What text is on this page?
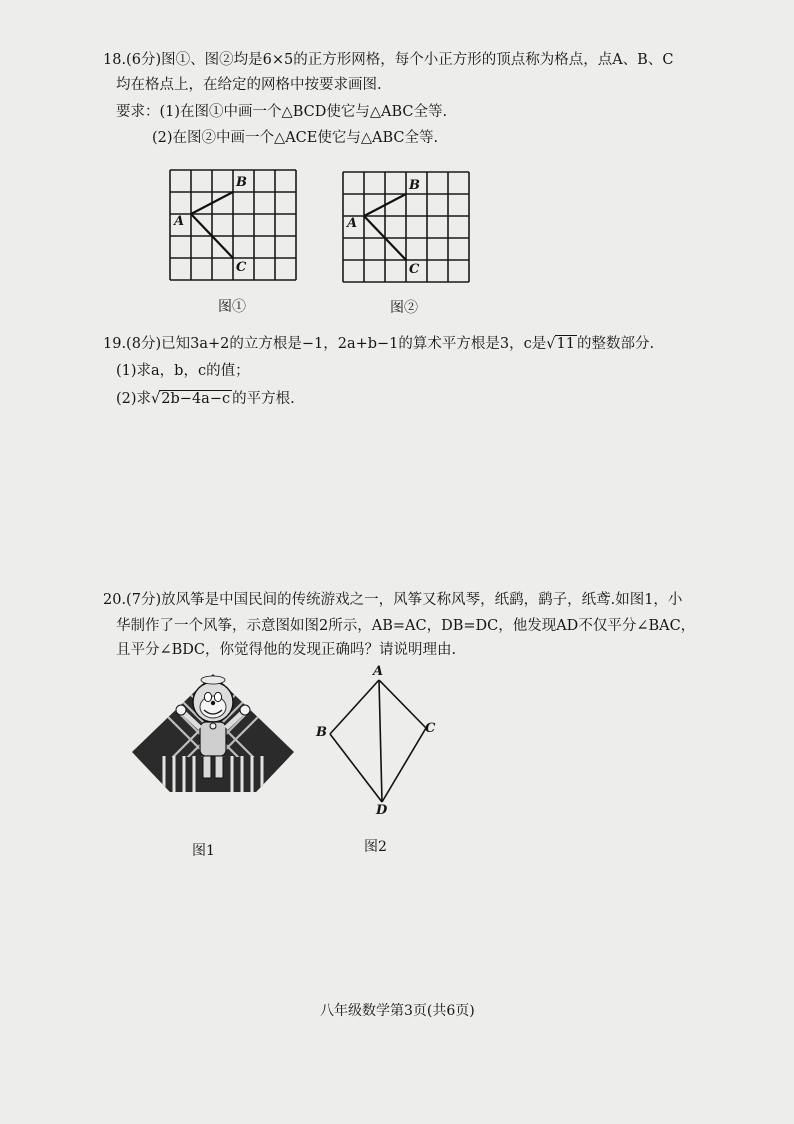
18.(6分)图①、图②均是6×5的正方形网格，每个小正方形的顶点称为格点，点A、B、C
均在格点上，在给定的网格中按要求画图.
要求：(1)在图①中画一个△BCD使它与△ABC全等.
(2)在图②中画一个△ACE使它与△ABC全等.
A
B
C
图①
A
B
C
图②
19.(8分)已知3a+2的立方根是−1，2a+b−1的算术平方根是3，c是√11 的整数部分.
(1)求a，b，c的值；
(2)求√2b−4a−c 的平方根.
20.(7分)放风筝是中国民间的传统游戏之一，风筝又称风琴，纸鹞，鹞子，纸鸢.如图1，小
华制作了一个风筝，示意图如图2所示，AB=AC，DB=DC，他发现AD不仅平分∠BAC，
且平分∠BDC，你觉得他的发现正确吗？请说明理由.
图1
A
B	C
D
图2
八年级数学第3页(共6页)
